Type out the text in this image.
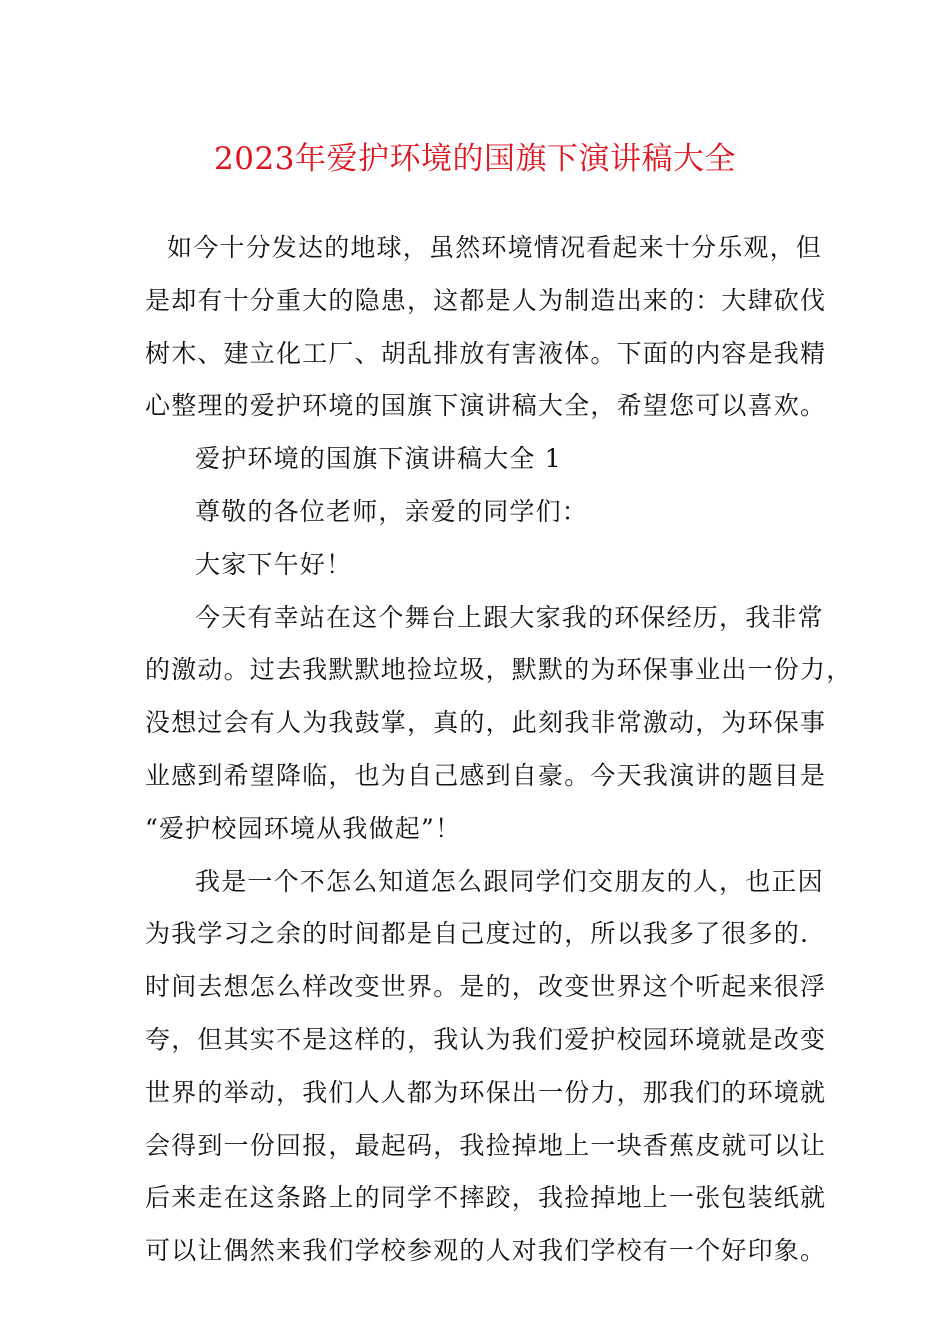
2023年爱护环境的国旗下演讲稿大全
如今十分发达的地球，虽然环境情况看起来十分乐观，但
是却有十分重大的隐患，这都是人为制造出来的：大肆砍伐
树木、建立化工厂、胡乱排放有害液体。下面的内容是我精
心整理的爱护环境的国旗下演讲稿大全，希望您可以喜欢。
爱护环境的国旗下演讲稿大全 1
尊敬的各位老师，亲爱的同学们：
大家下午好！
今天有幸站在这个舞台上跟大家我的环保经历，我非常
的激动。过去我默默地捡垃圾，默默的为环保事业出一份力，
没想过会有人为我鼓掌，真的，此刻我非常激动，为环保事
业感到希望降临，也为自己感到自豪。今天我演讲的题目是
“爱护校园环境从我做起”！
我是一个不怎么知道怎么跟同学们交朋友的人，也正因
为我学习之余的时间都是自己度过的，所以我多了很多的.
时间去想怎么样改变世界。是的，改变世界这个听起来很浮
夸，但其实不是这样的，我认为我们爱护校园环境就是改变
世界的举动，我们人人都为环保出一份力，那我们的环境就
会得到一份回报，最起码，我捡掉地上一块香蕉皮就可以让
后来走在这条路上的同学不摔跤，我捡掉地上一张包装纸就
可以让偶然来我们学校参观的人对我们学校有一个好印象。
